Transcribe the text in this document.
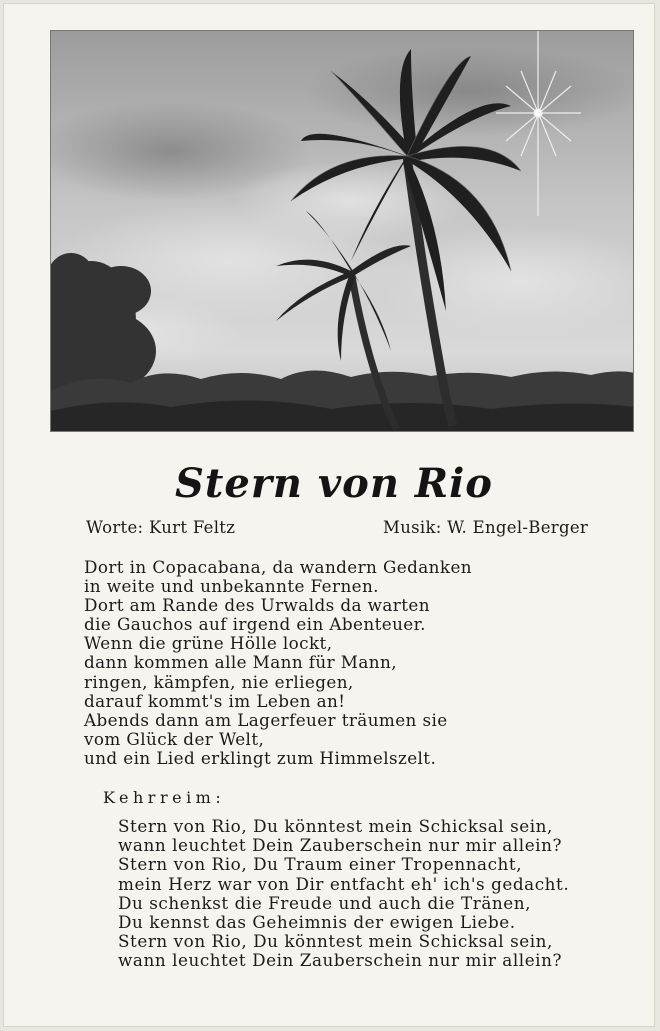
Stern von Rio
Worte: Kurt Feltz	Musik: W. Engel-Berger
Dort in Copacabana, da wandern Gedanken
in weite und unbekannte Fernen.
Dort am Rande des Urwalds da warten
die Gauchos auf irgend ein Abenteuer.
Wenn die grüne Hölle lockt,
dann kommen alle Mann für Mann,
ringen, kämpfen, nie erliegen,
darauf kommt's im Leben an!
Abends dann am Lagerfeuer träumen sie
vom Glück der Welt,
und ein Lied erklingt zum Himmelszelt.
Kehrreim:
Stern von Rio, Du könntest mein Schicksal sein,
wann leuchtet Dein Zauberschein nur mir allein?
Stern von Rio, Du Traum einer Tropennacht,
mein Herz war von Dir entfacht eh' ich's gedacht.
Du schenkst die Freude und auch die Tränen,
Du kennst das Geheimnis der ewigen Liebe.
Stern von Rio, Du könntest mein Schicksal sein,
wann leuchtet Dein Zauberschein nur mir allein?
